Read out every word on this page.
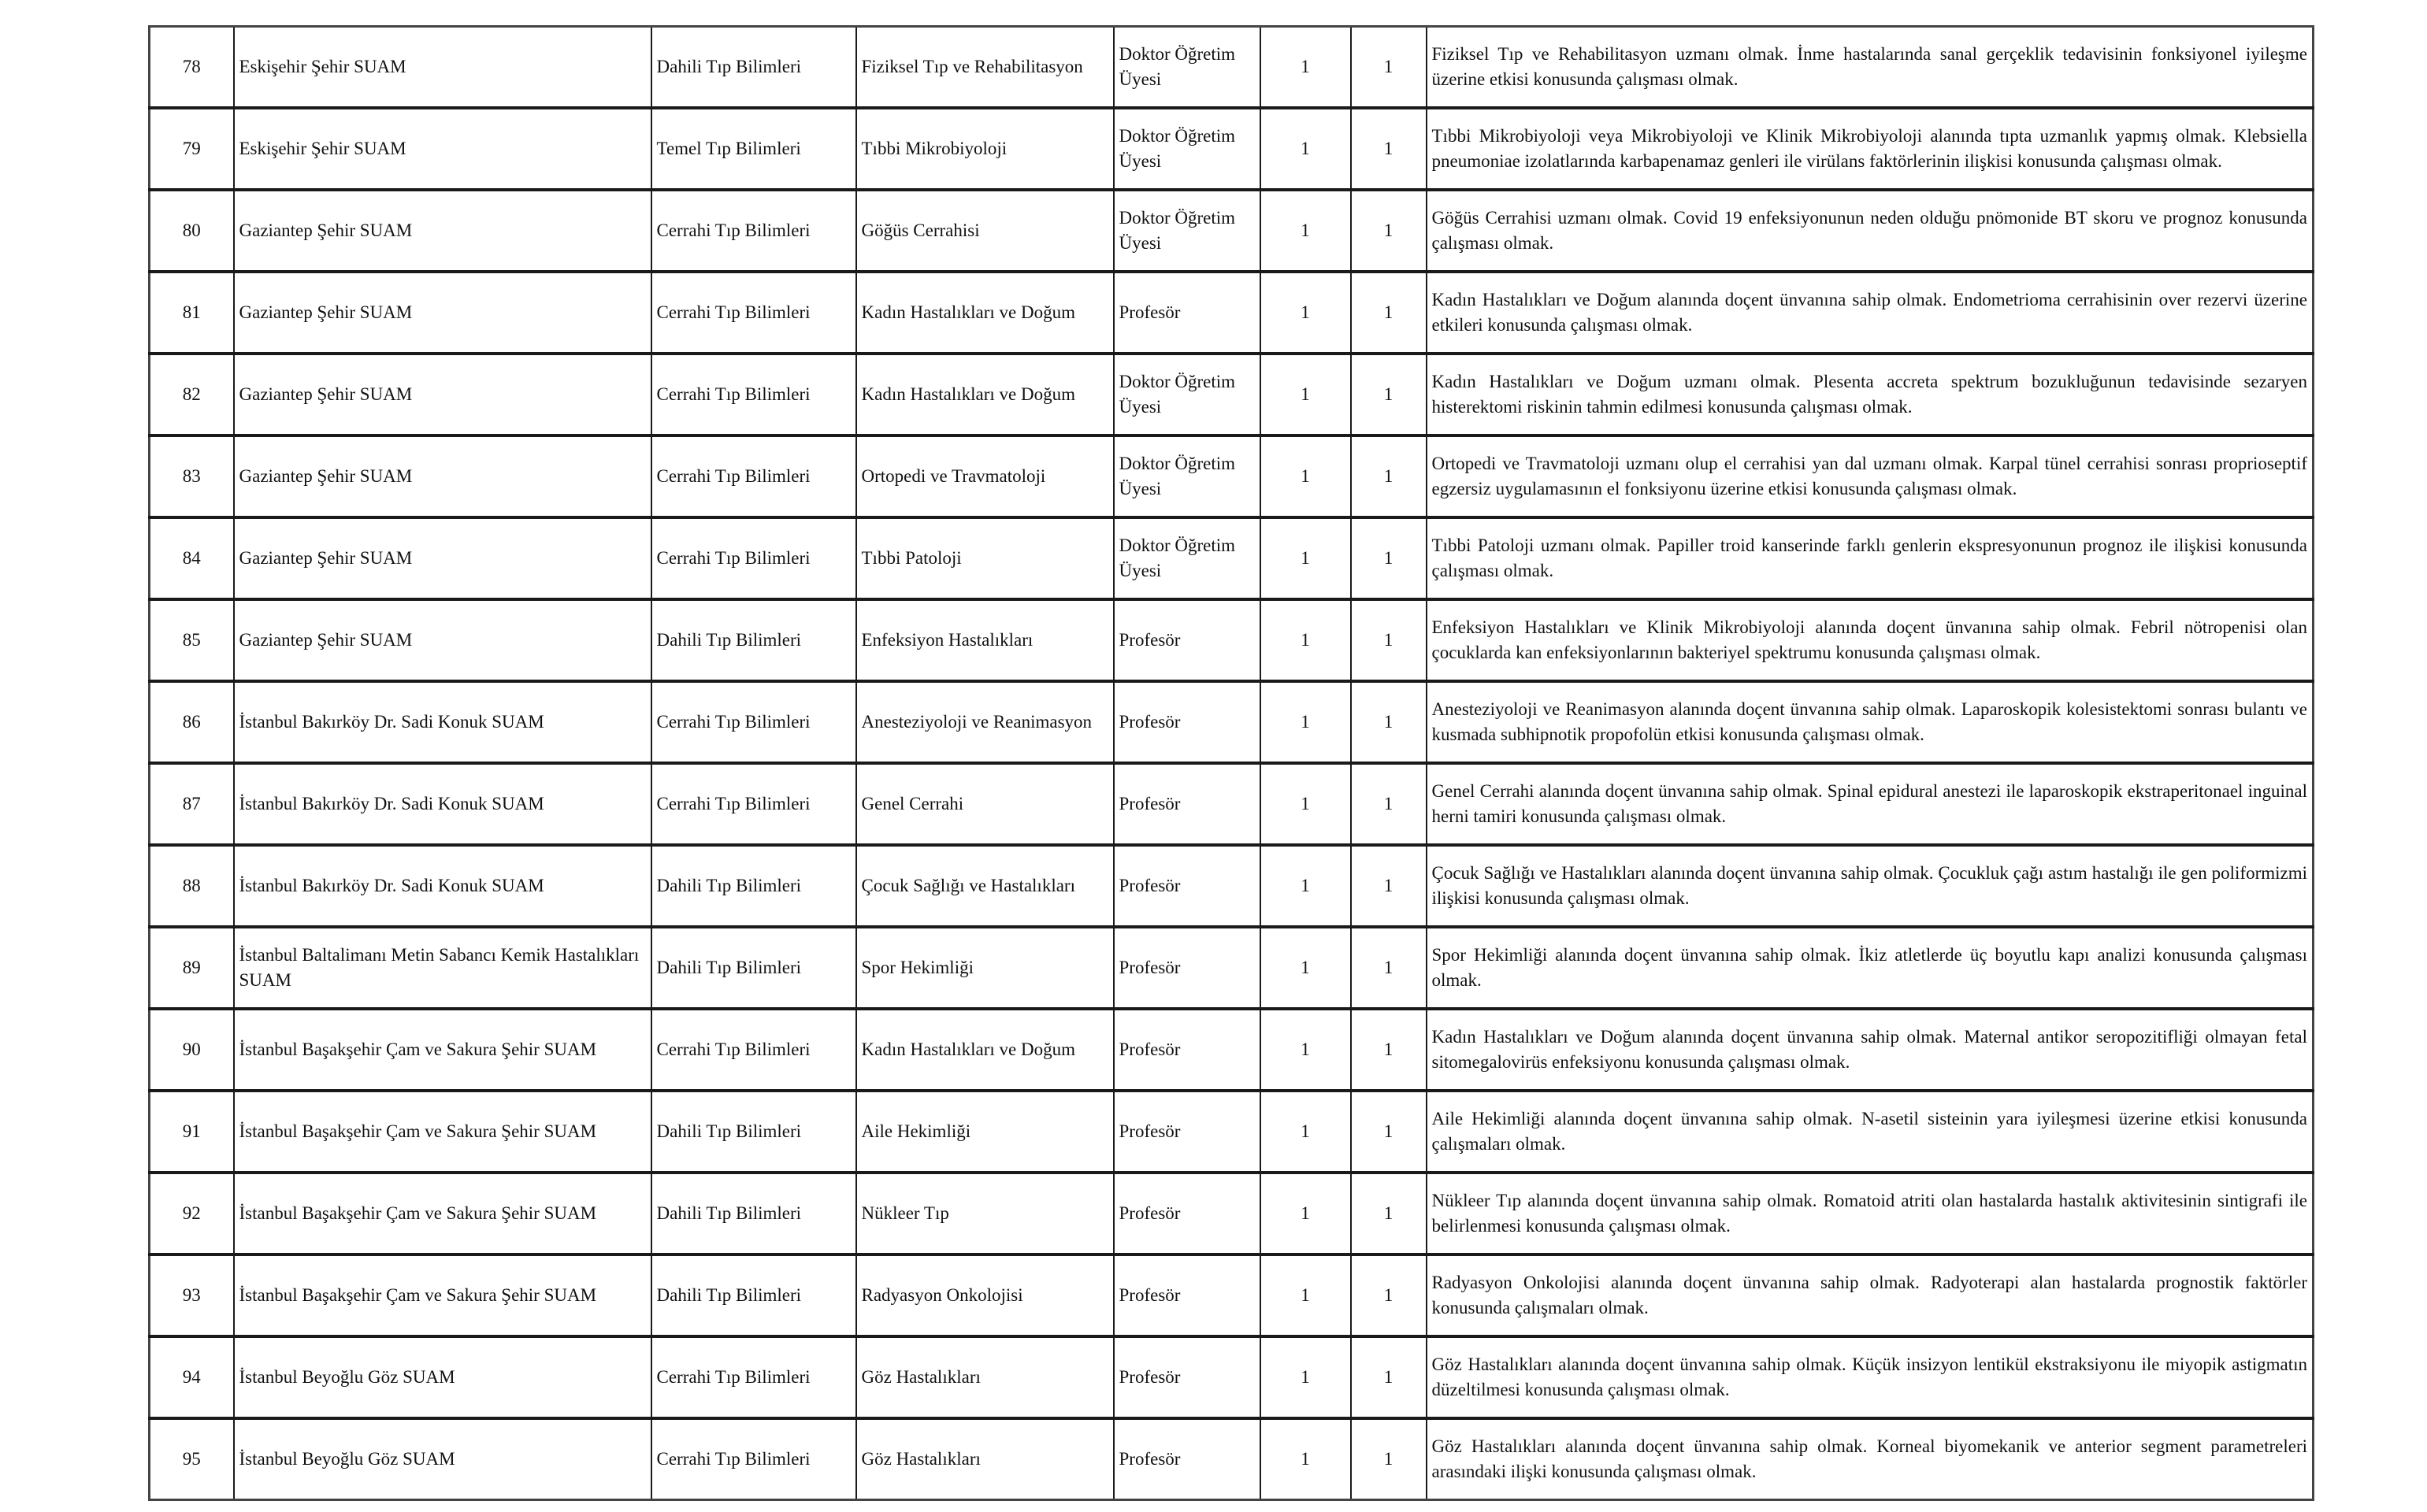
78	Eskişehir Şehir SUAM	Dahili Tıp Bilimleri	Fiziksel Tıp ve Rehabilitasyon	Doktor Öğretim Üyesi	1	1	Fiziksel Tıp ve Rehabilitasyon uzmanı olmak. İnme hastalarında sanal gerçeklik tedavisinin fonksiyonel iyileşme üzerine etkisi konusunda çalışması olmak.
79	Eskişehir Şehir SUAM	Temel Tıp Bilimleri	Tıbbi Mikrobiyoloji	Doktor Öğretim Üyesi	1	1	Tıbbi Mikrobiyoloji veya Mikrobiyoloji ve Klinik Mikrobiyoloji alanında tıpta uzmanlık yapmış olmak. Klebsiella pneumoniae izolatlarında karbapenamaz genleri ile virülans faktörlerinin ilişkisi konusunda çalışması olmak.
80	Gaziantep Şehir SUAM	Cerrahi Tıp Bilimleri	Göğüs Cerrahisi	Doktor Öğretim Üyesi	1	1	Göğüs Cerrahisi uzmanı olmak. Covid 19 enfeksiyonunun neden olduğu pnömonide BT skoru ve prognoz konusunda çalışması olmak.
81	Gaziantep Şehir SUAM	Cerrahi Tıp Bilimleri	Kadın Hastalıkları ve Doğum	Profesör	1	1	Kadın Hastalıkları ve Doğum alanında doçent ünvanına sahip olmak. Endometrioma cerrahisinin over rezervi üzerine etkileri konusunda çalışması olmak.
82	Gaziantep Şehir SUAM	Cerrahi Tıp Bilimleri	Kadın Hastalıkları ve Doğum	Doktor Öğretim Üyesi	1	1	Kadın Hastalıkları ve Doğum uzmanı olmak. Plesenta accreta spektrum bozukluğunun tedavisinde sezaryen histerektomi riskinin tahmin edilmesi konusunda çalışması olmak.
83	Gaziantep Şehir SUAM	Cerrahi Tıp Bilimleri	Ortopedi ve Travmatoloji	Doktor Öğretim Üyesi	1	1	Ortopedi ve Travmatoloji uzmanı olup el cerrahisi yan dal uzmanı olmak. Karpal tünel cerrahisi sonrası proprioseptif egzersiz uygulamasının el fonksiyonu üzerine etkisi konusunda çalışması olmak.
84	Gaziantep Şehir SUAM	Cerrahi Tıp Bilimleri	Tıbbi Patoloji	Doktor Öğretim Üyesi	1	1	Tıbbi Patoloji uzmanı olmak. Papiller troid kanserinde farklı genlerin ekspresyonunun prognoz ile ilişkisi konusunda çalışması olmak.
85	Gaziantep Şehir SUAM	Dahili Tıp Bilimleri	Enfeksiyon Hastalıkları	Profesör	1	1	Enfeksiyon Hastalıkları ve Klinik Mikrobiyoloji alanında doçent ünvanına sahip olmak. Febril nötropenisi olan çocuklarda kan enfeksiyonlarının bakteriyel spektrumu konusunda çalışması olmak.
86	İstanbul Bakırköy Dr. Sadi Konuk SUAM	Cerrahi Tıp Bilimleri	Anesteziyoloji ve Reanimasyon	Profesör	1	1	Anesteziyoloji ve Reanimasyon alanında doçent ünvanına sahip olmak. Laparoskopik kolesistektomi sonrası bulantı ve kusmada subhipnotik propofolün etkisi konusunda çalışması olmak.
87	İstanbul Bakırköy Dr. Sadi Konuk SUAM	Cerrahi Tıp Bilimleri	Genel Cerrahi	Profesör	1	1	Genel Cerrahi alanında doçent ünvanına sahip olmak. Spinal epidural anestezi ile laparoskopik ekstraperitonael inguinal herni tamiri konusunda çalışması olmak.
88	İstanbul Bakırköy Dr. Sadi Konuk SUAM	Dahili Tıp Bilimleri	Çocuk Sağlığı ve Hastalıkları	Profesör	1	1	Çocuk Sağlığı ve Hastalıkları alanında doçent ünvanına sahip olmak. Çocukluk çağı astım hastalığı ile gen poliformizmi ilişkisi konusunda çalışması olmak.
89	İstanbul Baltalimanı Metin Sabancı Kemik Hastalıkları SUAM	Dahili Tıp Bilimleri	Spor Hekimliği	Profesör	1	1	Spor Hekimliği alanında doçent ünvanına sahip olmak. İkiz atletlerde üç boyutlu kapı analizi konusunda çalışması olmak.
90	İstanbul Başakşehir Çam ve Sakura Şehir SUAM	Cerrahi Tıp Bilimleri	Kadın Hastalıkları ve Doğum	Profesör	1	1	Kadın Hastalıkları ve Doğum alanında doçent ünvanına sahip olmak. Maternal antikor seropozitifliği olmayan fetal sitomegalovirüs enfeksiyonu konusunda çalışması olmak.
91	İstanbul Başakşehir Çam ve Sakura Şehir SUAM	Dahili Tıp Bilimleri	Aile Hekimliği	Profesör	1	1	Aile Hekimliği alanında doçent ünvanına sahip olmak. N-asetil sisteinin yara iyileşmesi üzerine etkisi konusunda çalışmaları olmak.
92	İstanbul Başakşehir Çam ve Sakura Şehir SUAM	Dahili Tıp Bilimleri	Nükleer Tıp	Profesör	1	1	Nükleer Tıp alanında doçent ünvanına sahip olmak. Romatoid atriti olan hastalarda hastalık aktivitesinin sintigrafi ile belirlenmesi konusunda çalışması olmak.
93	İstanbul Başakşehir Çam ve Sakura Şehir SUAM	Dahili Tıp Bilimleri	Radyasyon Onkolojisi	Profesör	1	1	Radyasyon Onkolojisi alanında doçent ünvanına sahip olmak. Radyoterapi alan hastalarda prognostik faktörler konusunda çalışmaları olmak.
94	İstanbul Beyoğlu Göz SUAM	Cerrahi Tıp Bilimleri	Göz Hastalıkları	Profesör	1	1	Göz Hastalıkları alanında doçent ünvanına sahip olmak. Küçük insizyon lentikül ekstraksiyonu ile miyopik astigmatın düzeltilmesi konusunda çalışması olmak.
95	İstanbul Beyoğlu Göz SUAM	Cerrahi Tıp Bilimleri	Göz Hastalıkları	Profesör	1	1	Göz Hastalıkları alanında doçent ünvanına sahip olmak. Korneal biyomekanik ve anterior segment parametreleri arasındaki ilişki konusunda çalışması olmak.
